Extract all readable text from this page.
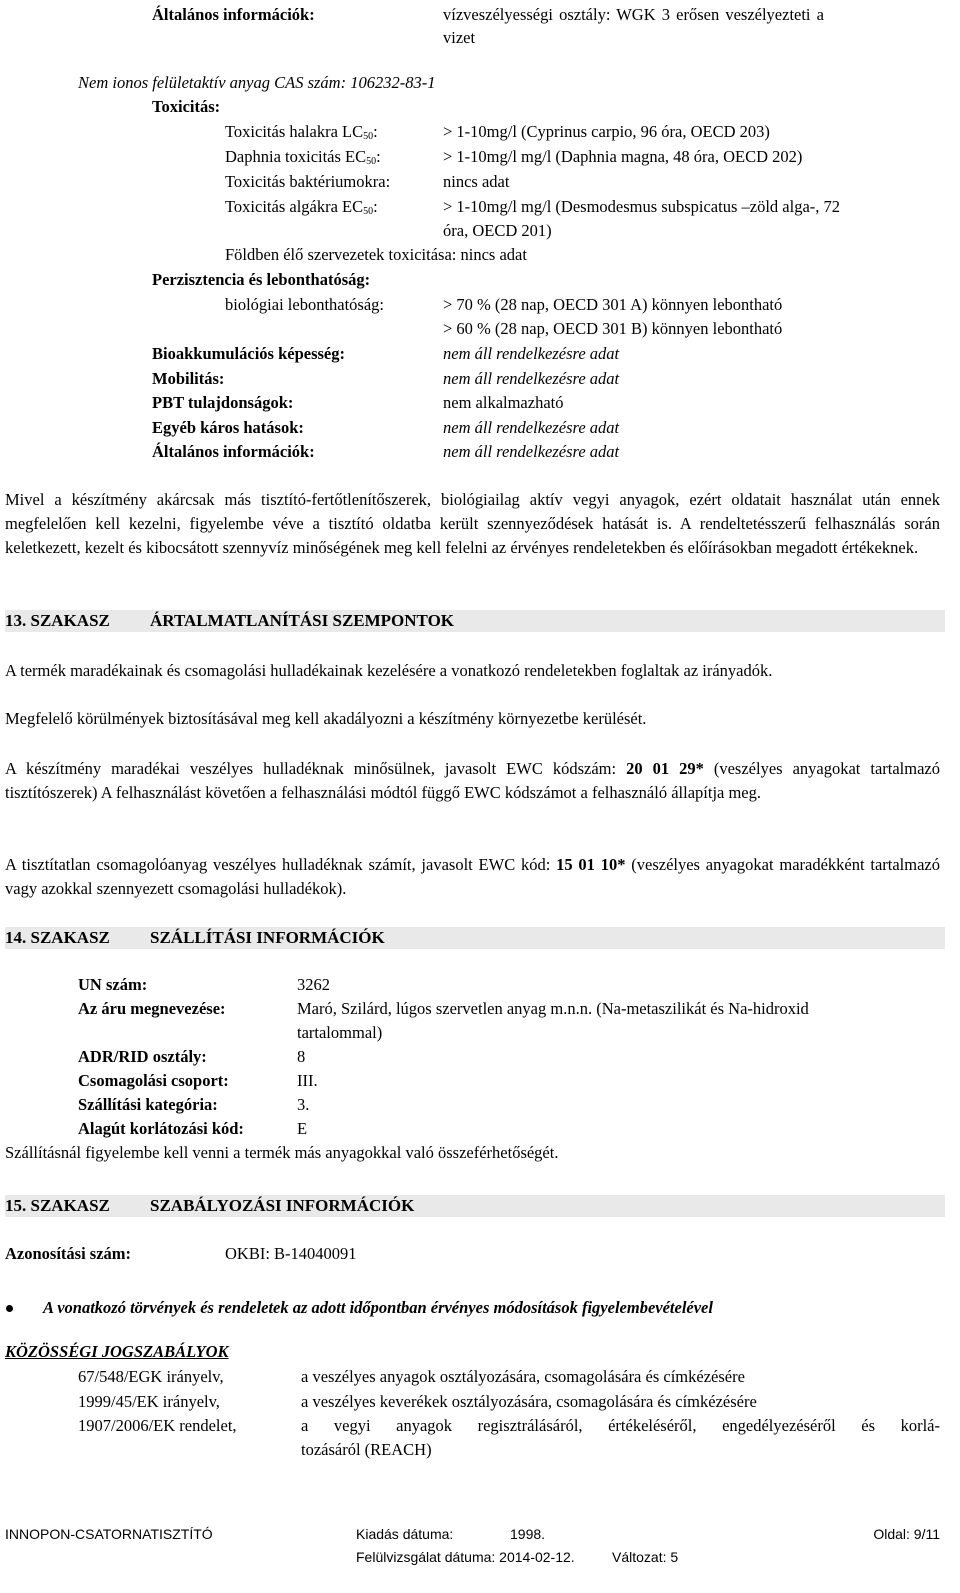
Általános információk:	vízveszélyességi osztály: WGK 3 erősen veszélyezteti a
vizet
Nem ionos felületaktív anyag CAS szám: 106232-83-1
Toxicitás:
Toxicitás halakra $LC_{50}$:	> 1-10mg/l (Cyprinus carpio, 96 óra, OECD 203)
Daphnia toxicitás $EC_{50}$:	> 1-10mg/l mg/l (Daphnia magna, 48 óra, OECD 202)
Toxicitás baktériumokra:	nincs adat
Toxicitás algákra $EC_{50}$:	> 1-10mg/l mg/l (Desmodesmus subspicatus –zöld alga-, 72
óra, OECD 201)
Földben élő szervezetek toxicitása: nincs adat
Perzisztencia és lebonthatóság:
biológiai lebonthatóság:	> 70 % (28 nap, OECD 301 A) könnyen lebontható
> 60 % (28 nap, OECD 301 B) könnyen lebontható
Bioakkumulációs képesség:	nem áll rendelkezésre adat
Mobilitás:	nem áll rendelkezésre adat
PBT tulajdonságok:	nem alkalmazható
Egyéb káros hatások:	nem áll rendelkezésre adat
Általános információk:	nem áll rendelkezésre adat
Mivel a készítmény akárcsak más tisztító-fertőtlenítőszerek, biológiailag aktív vegyi anyagok, ezért oldatait használat után ennek megfelelően kell kezelni, figyelembe véve a tisztító oldatba került szennyeződések hatását is. A rendeltetésszerű felhasználás során keletkezett, kezelt és kibocsátott szennyvíz minőségének meg kell felelni az érvényes rendeletekben és előírásokban megadott értékeknek.
13. SZAKASZ ÁRTALMATLANÍTÁSI SZEMPONTOK
A termék maradékainak és csomagolási hulladékainak kezelésére a vonatkozó rendeletekben foglaltak az irányadók.
Megfelelő körülmények biztosításával meg kell akadályozni a készítmény környezetbe kerülését.
A készítmény maradékai veszélyes hulladéknak minősülnek, javasolt EWC kódszám: 20 01 29* (veszélyes anyagokat tartalmazó tisztítószerek) A felhasználást követően a felhasználási módtól függő EWC kódszámot a felhasználó állapítja meg.
A tisztítatlan csomagolóanyag veszélyes hulladéknak számít, javasolt EWC kód: 15 01 10* (veszélyes anyagokat maradékként tartalmazó vagy azokkal szennyezett csomagolási hulladékok).
14. SZAKASZ SZÁLLÍTÁSI INFORMÁCIÓK
UN szám:	3262
Az áru megnevezése:	Maró, Szilárd, lúgos szervetlen anyag m.n.n. (Na-metaszilikát és Na-hidroxid
tartalommal)
ADR/RID osztály:	8
Csomagolási csoport:	III.
Szállítási kategória:	3.
Alagút korlátozási kód:	E
Szállításnál figyelembe kell venni a termék más anyagokkal való összeférhetőségét.
15. SZAKASZ SZABÁLYOZÁSI INFORMÁCIÓK
Azonosítási szám:	OKBI: B-14040091
A vonatkozó törvények és rendeletek az adott időpontban érvényes módosítások figyelembevételével
KÖZÖSSÉGI JOGSZABÁLYOK
67/548/EGK irányelv,	a veszélyes anyagok osztályozására, csomagolására és címkézésére
1999/45/EK irányelv,	a veszélyes keverékek osztályozására, csomagolására és címkézésére
1907/2006/EK rendelet,	a vegyi anyagok regisztrálásáról, értékeléséről, engedélyezéséről és korlá-
tozásáról (REACH)
INNOPON-CSATORNATISZTÍTÓ	Kiadás dátuma:	1998.	Oldal: 9/11
Felülvizsgálat dátuma: 2014-02-12.	Változat: 5
